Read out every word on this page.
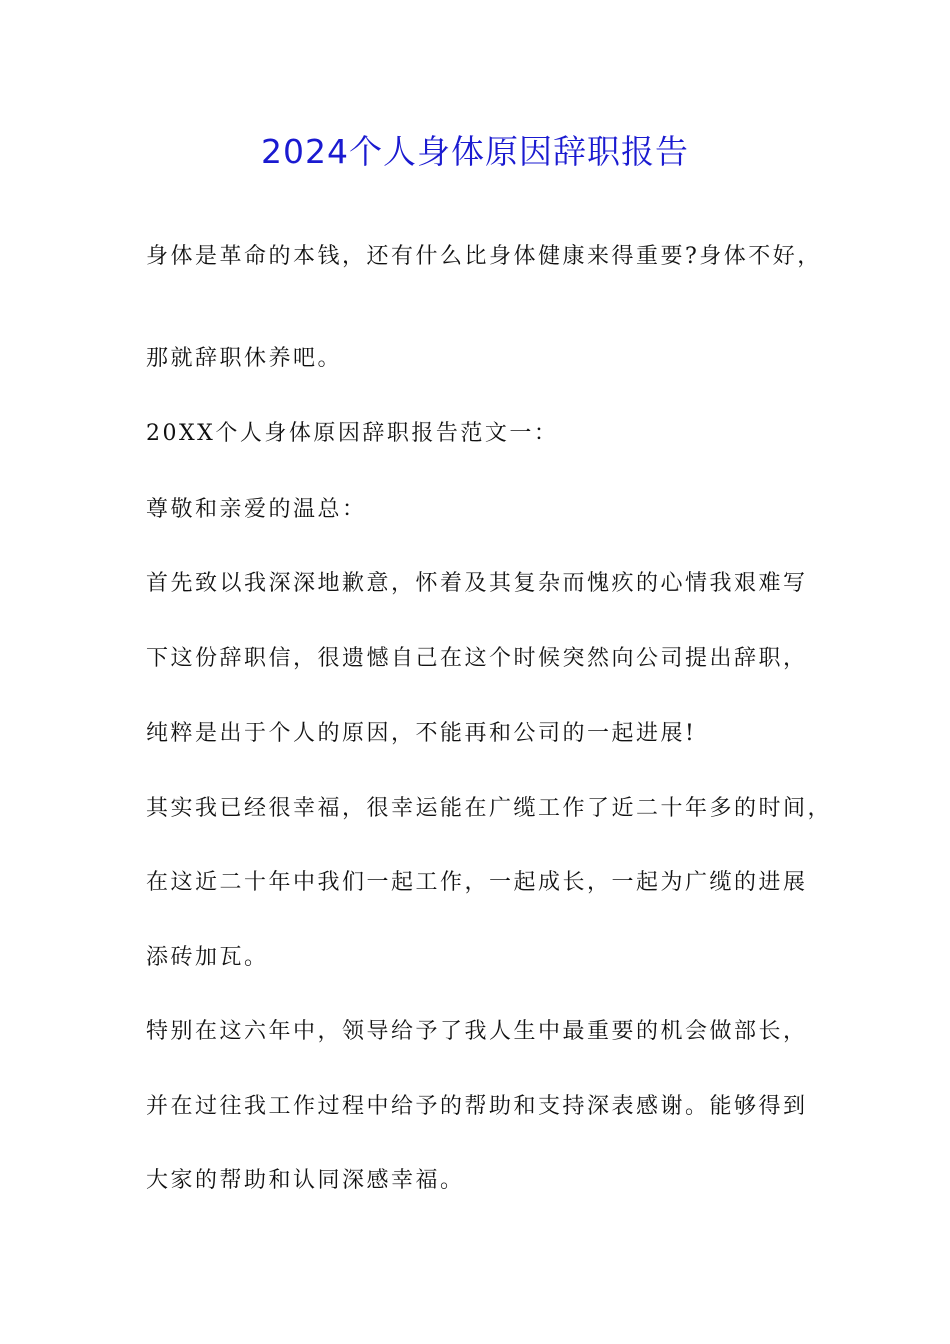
2024个人身体原因辞职报告
身体是革命的本钱，还有什么比身体健康来得重要?身体不好，
那就辞职休养吧。
20XX个人身体原因辞职报告范文一：
尊敬和亲爱的温总：
首先致以我深深地歉意，怀着及其复杂而愧疚的心情我艰难写
下这份辞职信，很遗憾自己在这个时候突然向公司提出辞职，
纯粹是出于个人的原因，不能再和公司的一起进展!
其实我已经很幸福，很幸运能在广缆工作了近二十年多的时间，
在这近二十年中我们一起工作，一起成长，一起为广缆的进展
添砖加瓦。
特别在这六年中，领导给予了我人生中最重要的机会做部长，
并在过往我工作过程中给予的帮助和支持深表感谢。能够得到
大家的帮助和认同深感幸福。
